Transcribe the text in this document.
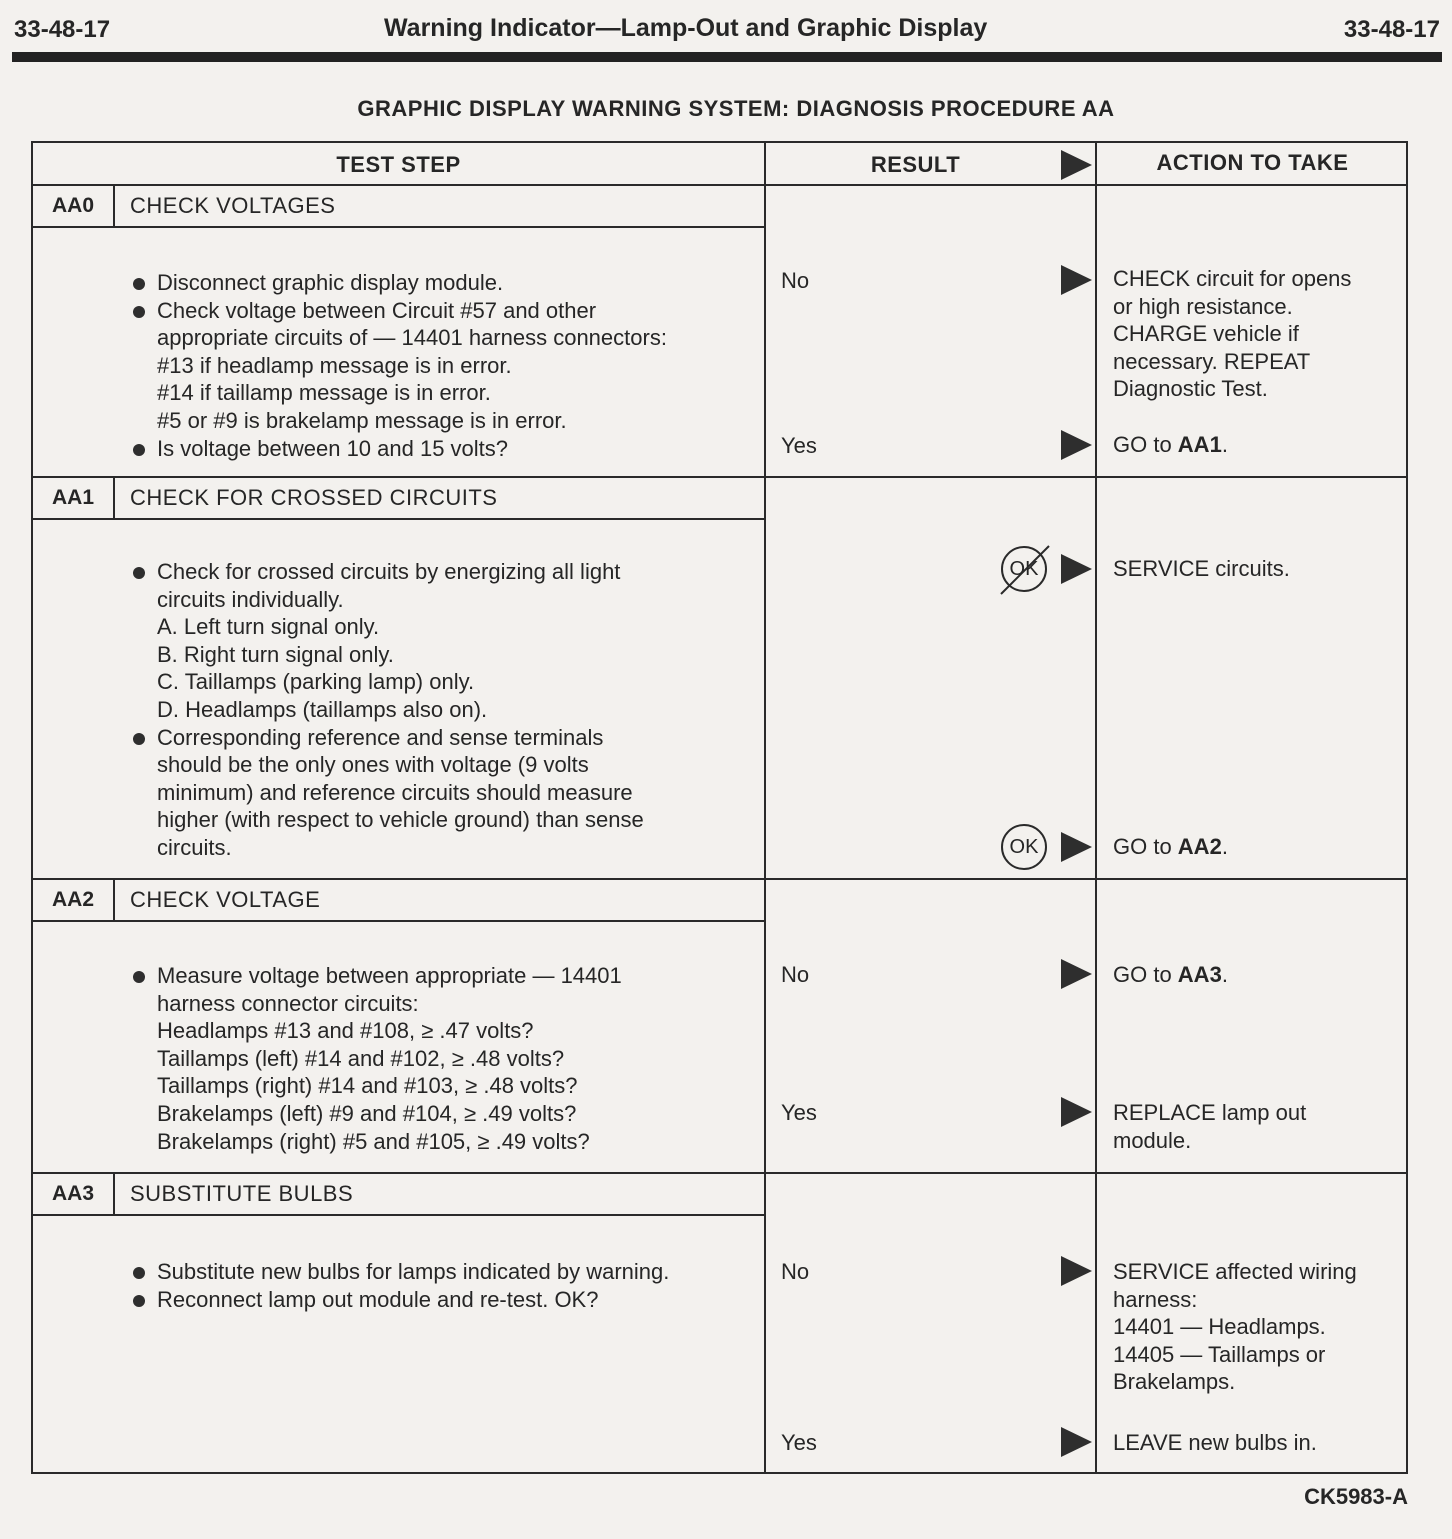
33-48-17	Warning Indicator—Lamp-Out and Graphic Display	33-48-17
GRAPHIC DISPLAY WARNING SYSTEM: DIAGNOSIS PROCEDURE AA
TEST STEP	RESULT	ACTION TO TAKE
AA0	CHECK VOLTAGES
Disconnect graphic display module.
Check voltage between Circuit #57 and other
appropriate circuits of — 14401 harness connectors:
#13 if headlamp message is in error.
#14 if taillamp message is in error.
#5 or #9 is brakelamp message is in error.
Is voltage between 10 and 15 volts?
No	CHECK circuit for opens
or high resistance.
CHARGE vehicle if
necessary. REPEAT
Diagnostic Test.
Yes	GO to AA1.
AA1	CHECK FOR CROSSED CIRCUITS
Check for crossed circuits by energizing all light
circuits individually.
A. Left turn signal only.
B. Right turn signal only.
C. Taillamps (parking lamp) only.
D. Headlamps (taillamps also on).
Corresponding reference and sense terminals
should be the only ones with voltage (9 volts
minimum) and reference circuits should measure
higher (with respect to vehicle ground) than sense
circuits.
OK	SERVICE circuits.
OK	GO to AA2.
AA2	CHECK VOLTAGE
Measure voltage between appropriate — 14401
harness connector circuits:
Headlamps #13 and #108, ≥ .47 volts?
Taillamps (left) #14 and #102, ≥ .48 volts?
Taillamps (right) #14 and #103, ≥ .48 volts?
Brakelamps (left) #9 and #104, ≥ .49 volts?
Brakelamps (right) #5 and #105, ≥ .49 volts?
No	GO to AA3.
Yes	REPLACE lamp out
module.
AA3	SUBSTITUTE BULBS
Substitute new bulbs for lamps indicated by warning.
Reconnect lamp out module and re-test. OK?
No	SERVICE affected wiring
harness:
14401 — Headlamps.
14405 — Taillamps or
Brakelamps.
Yes	LEAVE new bulbs in.
CK5983-A
